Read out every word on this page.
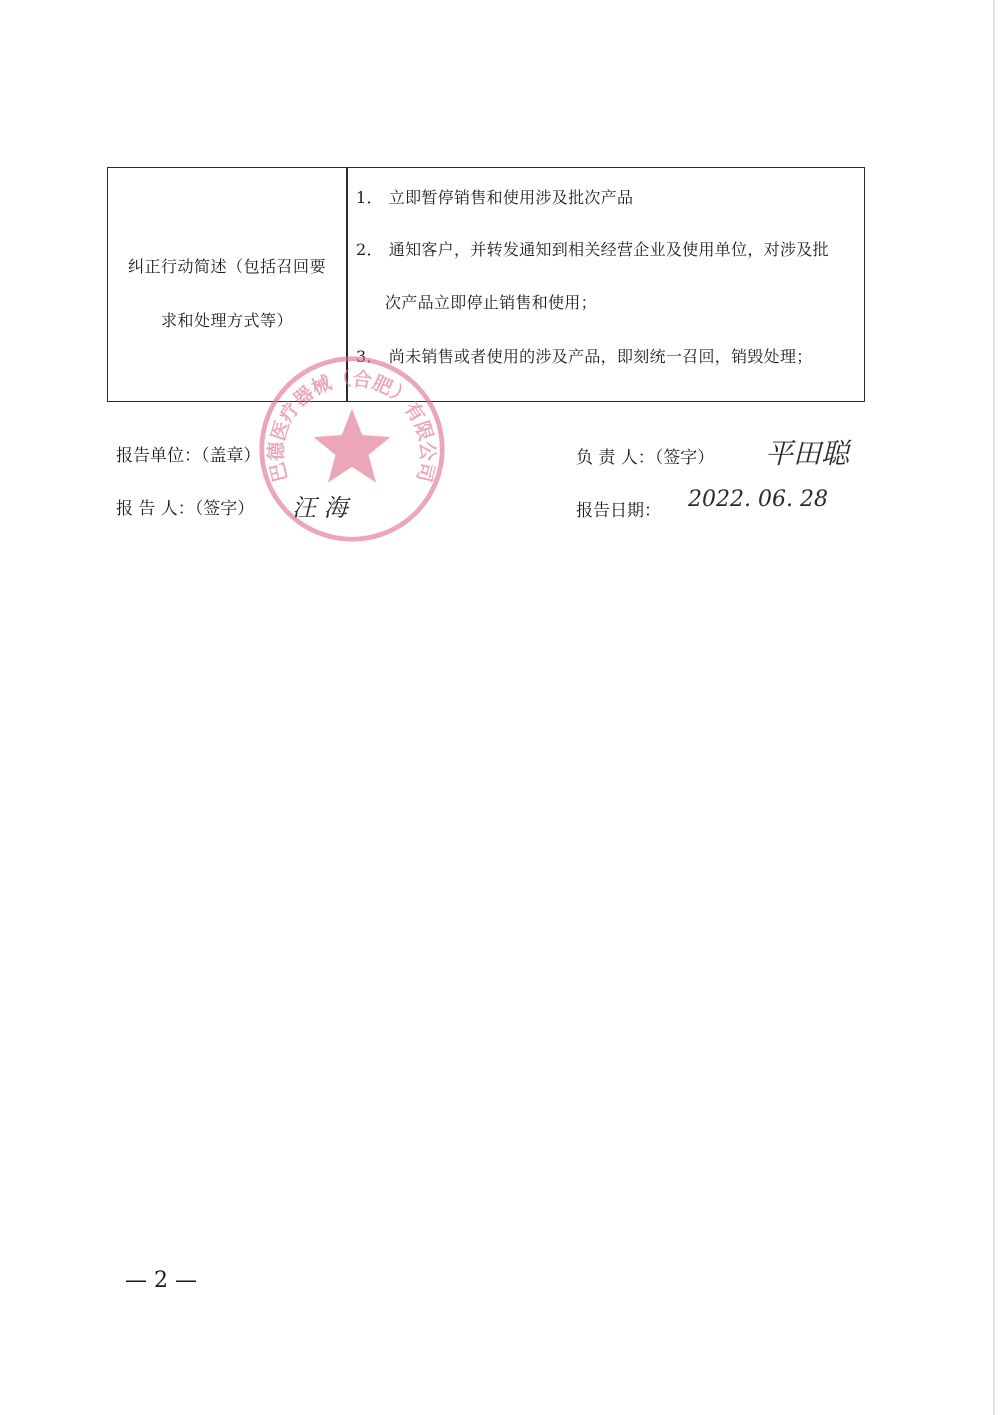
纠正行动简述（包括召回要
求和处理方式等）
1． 立即暂停销售和使用涉及批次产品
2． 通知客户，并转发通知到相关经营企业及使用单位，对涉及批
次产品立即停止销售和使用；
3． 尚未销售或者使用的涉及产品，即刻统一召回，销毁处理；
报告单位：（盖章）
报 告 人：（签字） 汪 海
负 责 人：（签字） 平田聪
报告日期： 2022. 06. 28
巴德医疗器械（合肥）有限公司
— 2 —
